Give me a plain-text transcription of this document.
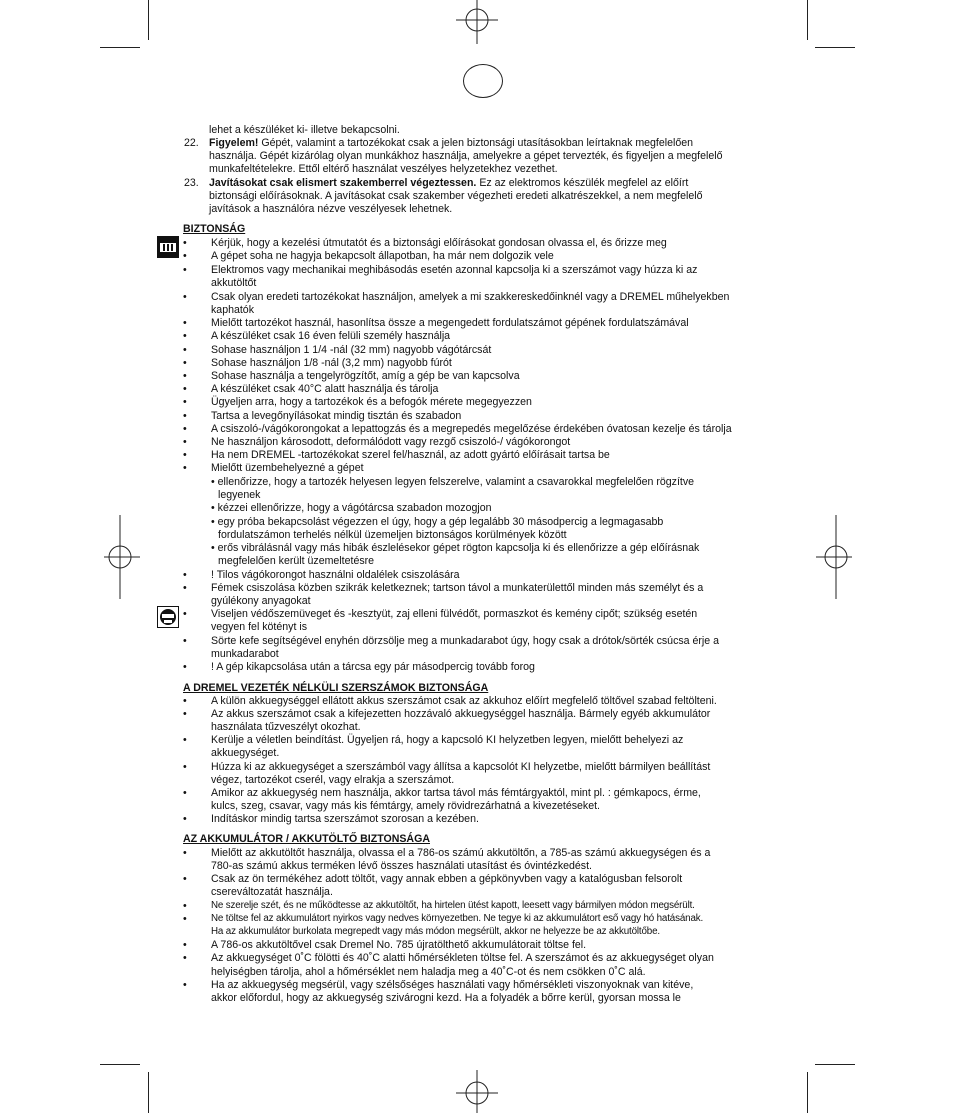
lehet a készüléket ki- illetve bekapcsolni.
22. Figyelem! Gépét, valamint a tartozékokat csak a jelen biztonsági utasításokban leírtaknak megfelelően
használja. Gépét kizárólag olyan munkákhoz használja, amelyekre a gépet tervezték, és figyeljen a megfelelő
munkafeltételekre. Ettől eltérő használat veszélyes helyzetekhez vezethet.
23. Javításokat csak elismert szakemberrel végeztessen. Ez az elektromos készülék megfelel az előírt
biztonsági előírásoknak. A javításokat csak szakember végezheti eredeti alkatrészekkel, a nem megfelelő
javítások a használóra nézve veszélyesek lehetnek.
BIZTONSÁG
• Kérjük, hogy a kezelési útmutatót és a biztonsági előírásokat gondosan olvassa el, és őrizze meg
• A gépet soha ne hagyja bekapcsolt állapotban, ha már nem dolgozik vele
• Elektromos vagy mechanikai meghibásodás esetén azonnal kapcsolja ki a szerszámot vagy húzza ki az
akkutöltőt
• Csak olyan eredeti tartozékokat használjon, amelyek a mi szakkereskedőinknél vagy a DREMEL műhelyekben
kaphatók
• Mielőtt tartozékot használ, hasonlítsa össze a megengedett fordulatszámot gépének fordulatszámával
• A készüléket csak 16 éven felüli személy használja
• Sohase használjon 1 1/4 -nál (32 mm) nagyobb vágótárcsát
• Sohase használjon 1/8 -nál (3,2 mm) nagyobb fúrót
• Sohase használja a tengelyrögzítőt, amíg a gép be van kapcsolva
• A készüléket csak 40°C alatt használja és tárolja
• Ügyeljen arra, hogy a tartozékok és a befogók mérete megegyezzen
• Tartsa a levegőnyílásokat mindig tisztán és szabadon
• A csiszoló-/vágókorongokat a lepattogzás és a megrepedés megelőzése érdekében óvatosan kezelje és tárolja
• Ne használjon károsodott, deformálódott vagy rezgő csiszoló-/ vágókorongot
• Ha nem DREMEL -tartozékokat szerel fel/használ, az adott gyártó előírásait tartsa be
• Mielőtt üzembehelyezné a gépet
• ellenőrizze, hogy a tartozék helyesen legyen felszerelve, valamint a csavarokkal megfelelően rögzítve
legyenek
• kézzei ellenőrizze, hogy a vágótárcsa szabadon mozogjon
• egy próba bekapcsolást végezzen el úgy, hogy a gép legalább 30 másodpercig a legmagasabb
fordulatszámon terhelés nélkül üzemeljen biztonságos korülmények között
• erős vibrálásnál vagy más hibák észlelésekor gépet rögton kapcsolja ki és ellenőrizze a gép előírásnak
megfelelően került üzemeltetésre
• ! Tilos vágókorongot használni oldalélek csiszolására
• Fémek csiszolása közben szikrák keletkeznek; tartson távol a munkaterülettől minden más személyt és a
gyúlékony anyagokat
• Viseljen védőszemüveget és -kesztyüt, zaj elleni fülvédőt, pormaszkot és kemény cipőt; szükség esetén
vegyen fel kötényt is
• Sörte kefe segítségével enyhén dörzsölje meg a munkadarabot úgy, hogy csak a drótok/sörték csúcsa érje a
munkadarabot
• ! A gép kikapcsolása után a tárcsa egy pár másodpercig tovább forog
A DREMEL VEZETÉK NÉLKÜLI SZERSZÁMOK BIZTONSÁGA
• A külön akkuegységgel ellátott akkus szerszámot csak az akkuhoz előírt megfelelő töltővel szabad feltölteni.
• Az akkus szerszámot csak a kifejezetten hozzávaló akkuegységgel használja. Bármely egyéb akkumulátor
használata tűzveszélyt okozhat.
• Kerülje a véletlen beindítást. Ügyeljen rá, hogy a kapcsoló KI helyzetben legyen, mielőtt behelyezi az
akkuegységet.
• Húzza ki az akkuegységet a szerszámból vagy állítsa a kapcsolót KI helyzetbe, mielőtt bármilyen beállítást
végez, tartozékot cserél, vagy elrakja a szerszámot.
• Amikor az akkuegység nem használja, akkor tartsa távol más fémtárgyaktól, mint pl. : gémkapocs, érme,
kulcs, szeg, csavar, vagy más kis fémtárgy, amely rövidrezárhatná a kivezetéseket.
• Indításkor mindig tartsa szerszámot szorosan a kezében.
AZ AKKUMULÁTOR / AKKUTÖLTŐ BIZTONSÁGA
• Mielőtt az akkutöltőt használja, olvassa el a 786-os számú akkutöltőn, a 785-as számú akkuegységen és a
780-as számú akkus terméken lévő összes használati utasítást és óvintézkedést.
• Csak az ön termékéhez adott töltőt, vagy annak ebben a gépkönyvben vagy a katalógusban felsorolt
csereváltozatát használja.
• Ne szerelje szét, és ne működtesse az akkutöltőt, ha hirtelen ütést kapott, leesett vagy bármilyen módon megsérült.
• Ne töltse fel az akkumulátort nyirkos vagy nedves környezetben. Ne tegye ki az akkumulátort eső vagy hó hatásának.
Ha az akkumulátor burkolata megrepedt vagy más módon megsérült, akkor ne helyezze be az akkutöltőbe.
• A 786-os akkutöltővel csak Dremel No. 785 újratölthető akkumulátorait töltse fel.
• Az akkuegységet 0˚C fölötti és 40˚C alatti hőmérsékleten töltse fel. A szerszámot és az akkuegységet olyan
helyiségben tárolja, ahol a hőmérséklet nem haladja meg a 40˚C-ot és nem csökken 0˚C alá.
• Ha az akkuegység megsérül, vagy szélsőséges használati vagy hőmérsékleti viszonyoknak van kitéve,
akkor előfordul, hogy az akkuegység szivárogni kezd. Ha a folyadék a bőrre kerül, gyorsan mossa le
